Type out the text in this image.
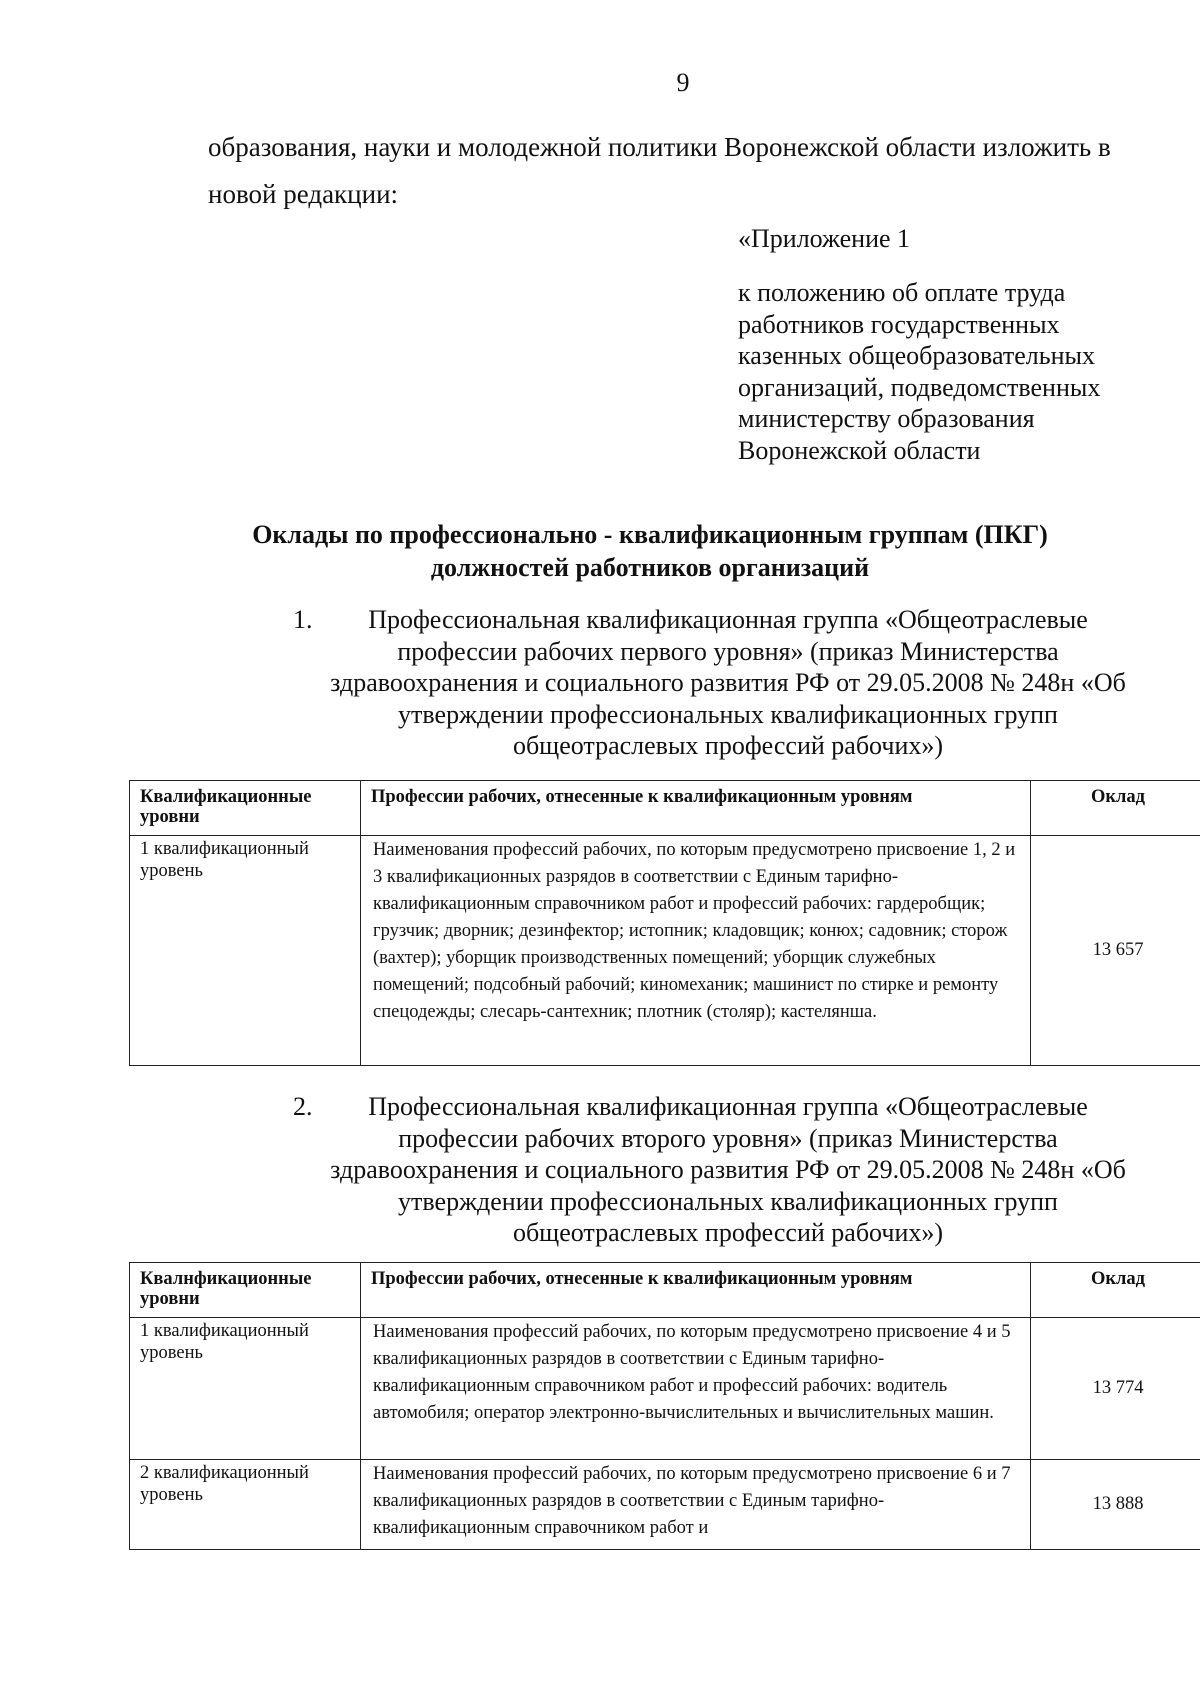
9
образования, науки и молодежной политики Воронежской области изложить в новой редакции:
«Приложение 1
к положению об оплате труда работников государственных казенных общеобразовательных организаций, подведомственных министерству образования Воронежской области
Оклады по профессионально - квалификационным группам (ПКГ)
должностей работников организаций
1.	Профессиональная квалификационная группа «Общеотраслевые профессии рабочих первого уровня» (приказ Министерства здравоохранения и социального развития РФ от 29.05.2008 № 248н «Об утверждении профессиональных квалификационных групп общеотраслевых профессий рабочих»)
Квалификационные уровни	Профессии рабочих, отнесенные к квалификационным уровням	Оклад
1 квалификационный уровень	Наименования профессий рабочих, по которым предусмотрено присвоение 1, 2 и 3 квалификационных разрядов в соответствии с Единым тарифно-квалификационным справочником работ и профессий рабочих: гардеробщик; грузчик; дворник; дезинфектор; истопник; кладовщик; конюх; садовник; сторож (вахтер); уборщик производственных помещений; уборщик служебных помещений; подсобный рабочий; киномеханик; машинист по стирке и ремонту спецодежды; слесарь-сантехник; плотник (столяр); кастелянша.	13 657
2.	Профессиональная квалификационная группа «Общеотраслевые профессии рабочих второго уровня» (приказ Министерства здравоохранения и социального развития РФ от 29.05.2008 № 248н «Об утверждении профессиональных квалификационных групп общеотраслевых профессий рабочих»)
Квалнфикационные уровни	Профессии рабочих, отнесенные к квалификационным уровням	Оклад
1 квалификационный уровень	Наименования профессий рабочих, по которым предусмотрено присвоение 4 и 5 квалификационных разрядов в соответствии с Единым тарифно-квалификационным справочником работ и профессий рабочих: водитель автомобиля; оператор электронно-вычислительных и вычислительных машин.	13 774
2 квалификационный уровень	Наименования профессий рабочих, по которым предусмотрено присвоение 6 и 7 квалификационных разрядов в соответствии с Единым тарифно-квалификационным справочником работ и	13 888
